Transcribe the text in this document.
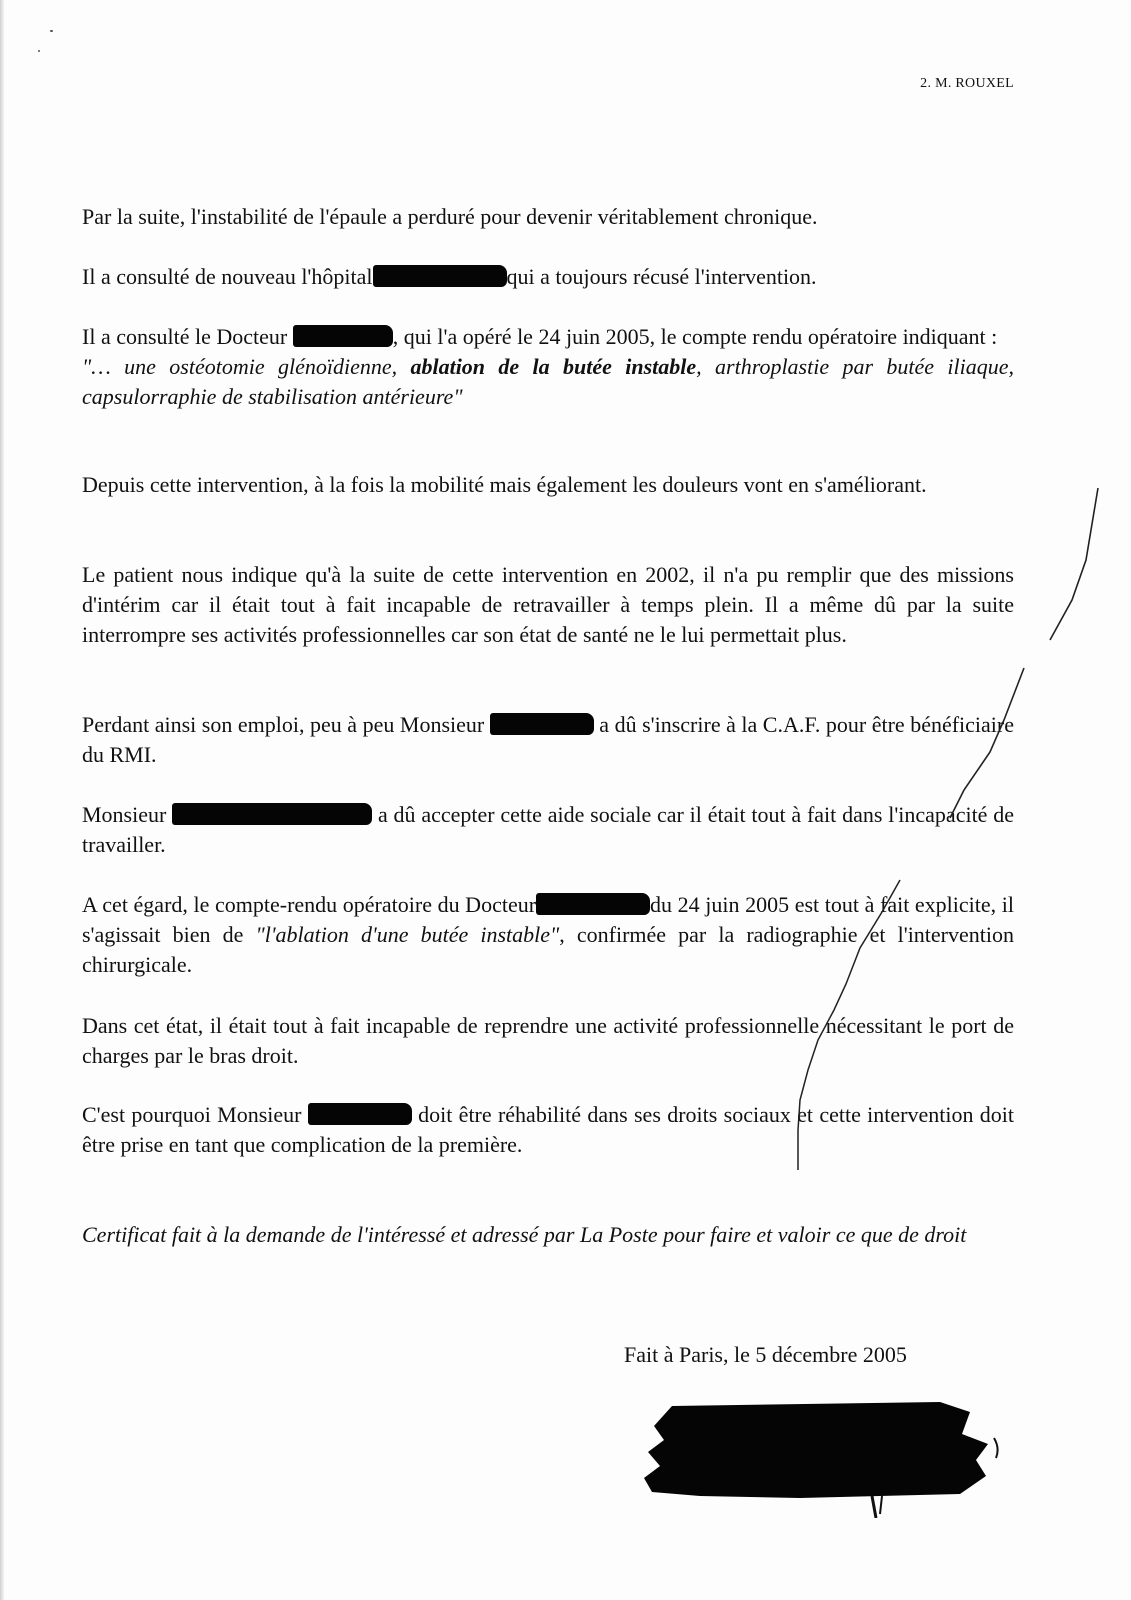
2. M. ROUXEL

Par la suite, l'instabilité de l'épaule a perduré pour devenir véritablement chronique.

Il a consulté de nouveau l'hôpital	qui a toujours récusé l'intervention.

Il a consulté le Docteur	, qui l'a opéré le 24 juin 2005, le compte rendu opératoire indiquant :

"… une ostéotomie glénoïdienne, ablation de la butée instable, arthroplastie par butée iliaque, capsulorraphie de stabilisation antérieure"

Depuis cette intervention, à la fois la mobilité mais également les douleurs vont en s'améliorant.

Le patient nous indique qu'à la suite de cette intervention en 2002, il n'a pu remplir que des missions d'intérim car il était tout à fait incapable de retravailler à temps plein. Il a même dû par la suite interrompre ses activités professionnelles car son état de santé ne le lui permettait plus.

Perdant ainsi son emploi, peu à peu Monsieur	a dû s'inscrire à la C.A.F. pour être bénéficiaire du RMI.

Monsieur	a dû accepter cette aide sociale car il était tout à fait dans l'incapacité de travailler.

A cet égard, le compte-rendu opératoire du Docteur	du 24 juin 2005 est tout à fait explicite, il s'agissait bien de "l'ablation d'une butée instable", confirmée par la radiographie et l'intervention chirurgicale.

Dans cet état, il était tout à fait incapable de reprendre une activité professionnelle nécessitant le port de charges par le bras droit.

C'est pourquoi Monsieur	doit être réhabilité dans ses droits sociaux et cette intervention doit être prise en tant que complication de la première.

Certificat fait à la demande de l'intéressé et adressé par La Poste pour faire et valoir ce que de droit

Fait à Paris, le 5 décembre 2005
